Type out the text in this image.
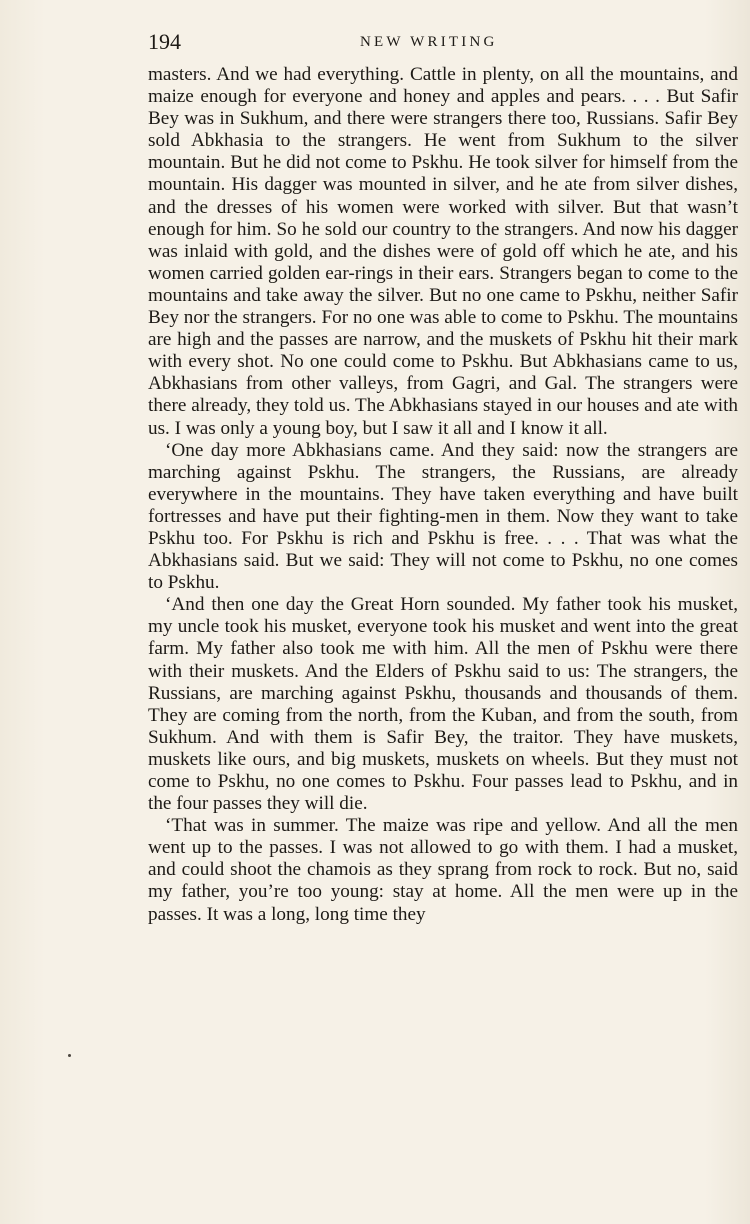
194	NEW WRITING

masters. And we had everything. Cattle in plenty, on all the mountains, and maize enough for everyone and honey and apples and pears. . . . But Safir Bey was in Sukhum, and there were strangers there too, Russians. Safir Bey sold Abkhasia to the strangers. He went from Sukhum to the silver mountain. But he did not come to Pskhu. He took silver for himself from the mountain. His dagger was mounted in silver, and he ate from silver dishes, and the dresses of his women were worked with silver. But that wasn’t enough for him. So he sold our country to the strangers. And now his dagger was inlaid with gold, and the dishes were of gold off which he ate, and his women carried golden ear-rings in their ears. Strangers began to come to the mountains and take away the silver. But no one came to Pskhu, neither Safir Bey nor the strangers. For no one was able to come to Pskhu. The mountains are high and the passes are narrow, and the muskets of Pskhu hit their mark with every shot. No one could come to Pskhu. But Abkhasians came to us, Abkhasians from other valleys, from Gagri, and Gal. The strangers were there already, they told us. The Abkhasians stayed in our houses and ate with us. I was only a young boy, but I saw it all and I know it all.

‘One day more Abkhasians came. And they said: now the strangers are marching against Pskhu. The strangers, the Russians, are already everywhere in the mountains. They have taken everything and have built fortresses and have put their fighting-men in them. Now they want to take Pskhu too. For Pskhu is rich and Pskhu is free. . . . That was what the Abkhasians said. But we said: They will not come to Pskhu, no one comes to Pskhu.

‘And then one day the Great Horn sounded. My father took his musket, my uncle took his musket, everyone took his musket and went into the great farm. My father also took me with him. All the men of Pskhu were there with their muskets. And the Elders of Pskhu said to us: The strangers, the Russians, are marching against Pskhu, thousands and thousands of them. They are coming from the north, from the Kuban, and from the south, from Sukhum. And with them is Safir Bey, the traitor. They have muskets, muskets like ours, and big muskets, muskets on wheels. But they must not come to Pskhu, no one comes to Pskhu. Four passes lead to Pskhu, and in the four passes they will die.

‘That was in summer. The maize was ripe and yellow. And all the men went up to the passes. I was not allowed to go with them. I had a musket, and could shoot the chamois as they sprang from rock to rock. But no, said my father, you’re too young: stay at home. All the men were up in the passes. It was a long, long time they
